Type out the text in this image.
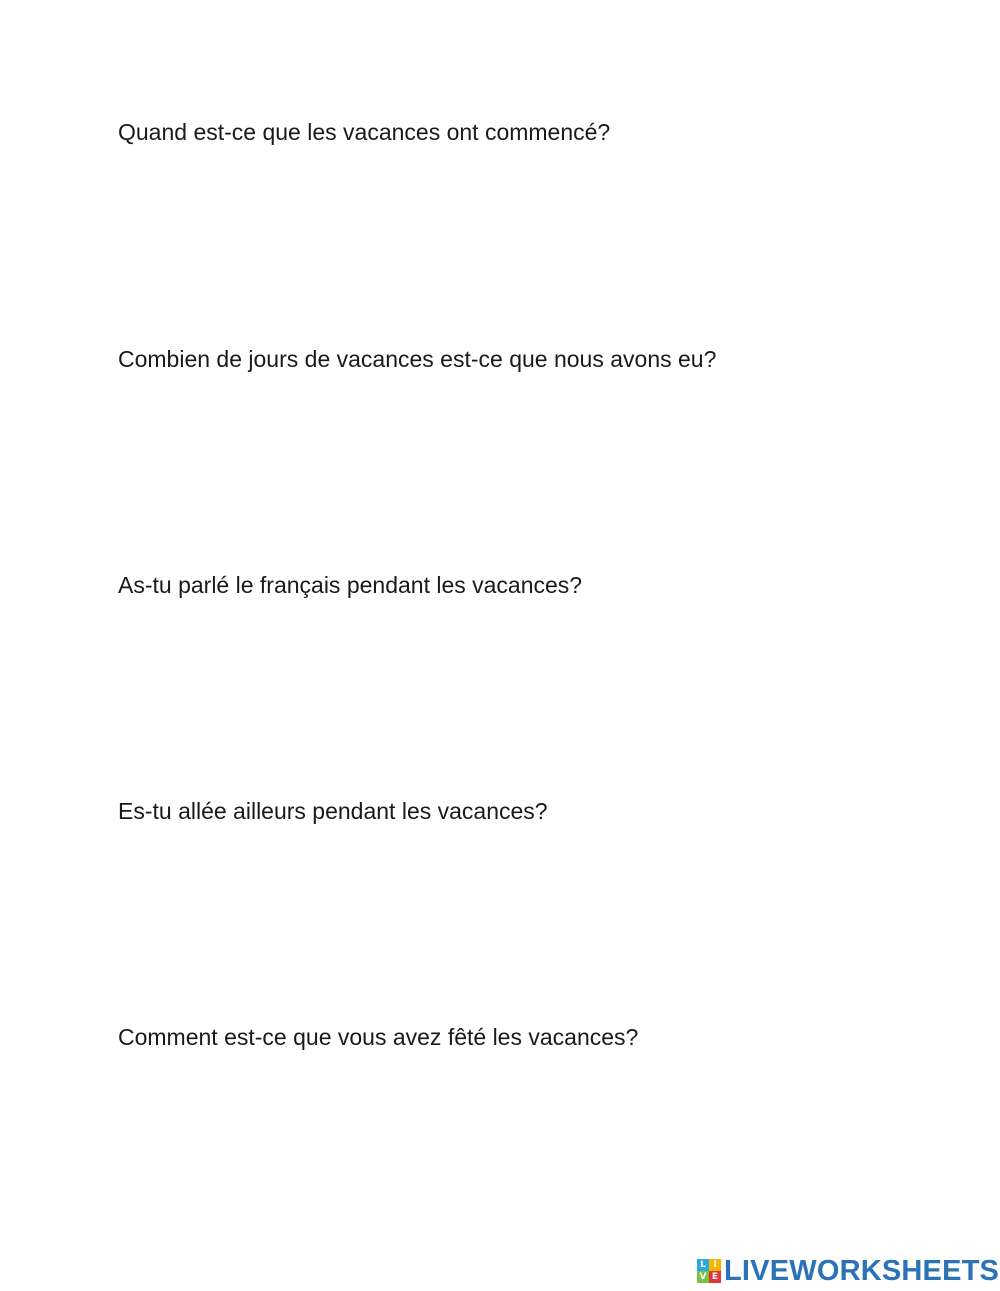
Quand est-ce que les vacances ont commencé?

Combien de jours de vacances est-ce que nous avons eu?

As-tu parlé le français pendant les vacances?

Es-tu allée ailleurs pendant les vacances?

Comment est-ce que vous avez fêté les vacances?

L I
V E LIVEWORKSHEETS
